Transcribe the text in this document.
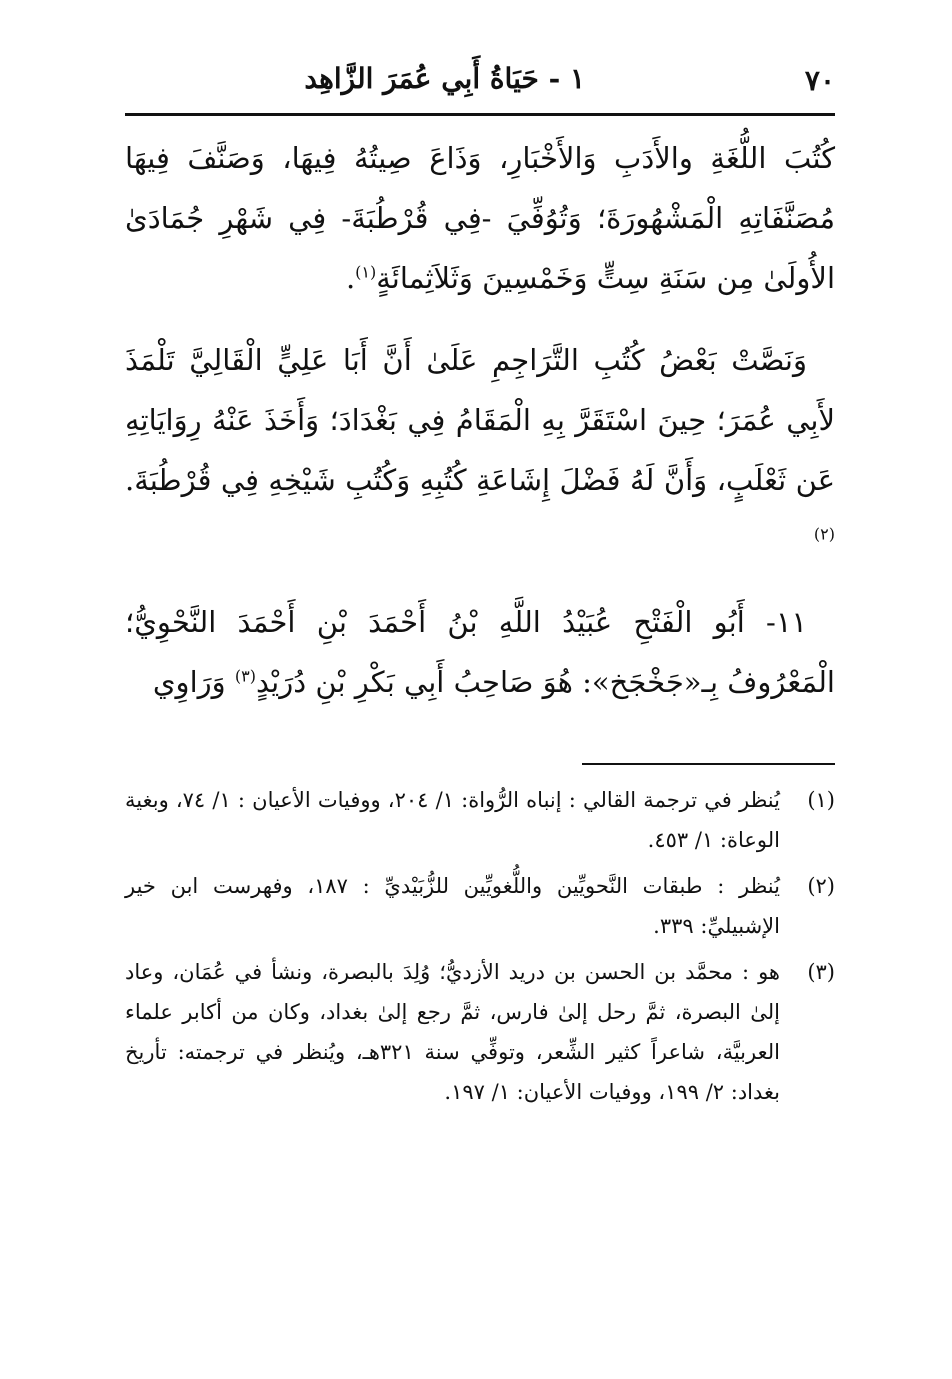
٧٠
١ - حَيَاةُ أَبِي عُمَرَ الزَّاهِد

كُتُبَ اللُّغَةِ والأَدَبِ وَالأَخْبَارِ، وَذَاعَ صِيتُهُ فِيهَا، وَصَنَّفَ فِيهَا مُصَنَّفَاتِهِ الْمَشْهُورَةَ؛ وَتُوُفِّيَ -فِي قُرْطُبَةَ- فِي شَهْرِ جُمَادَىٰ الأُولَىٰ مِن سَنَةِ سِتٍّ وَخَمْسِينَ وَثَلاَثِمائَةٍ$^{(١)}$.

وَنَصَّتْ بَعْضُ كُتُبِ التَّرَاجِمِ عَلَىٰ أَنَّ أَبَا عَلِيٍّ الْقَالِيَّ تَلْمَذَ لأَبِي عُمَرَ؛ حِينَ اسْتَقَرَّ بِهِ الْمَقَامُ فِي بَغْدَادَ؛ وَأَخَذَ عَنْهُ رِوَايَاتِهِ عَن ثَعْلَبٍ، وَأَنَّ لَهُ فَضْلَ إِشَاعَةِ كُتُبِهِ وَكُتُبِ شَيْخِهِ فِي قُرْطُبَةَ.$^{(٢)}$

١١- أَبُو الْفَتْحِ عُبَيْدُ اللَّهِ بْنُ أَحْمَدَ بْنِ أَحْمَدَ النَّحْوِيُّ؛ الْمَعْرُوفُ بِـ«جَخْجَخ»: هُوَ صَاحِبُ أَبِي بَكْرِ بْنِ دُرَيْدٍ$^{(٣)}$ وَرَاوِي

(١)
يُنظر في ترجمة القالي : إنباه الرُّواة: ١/ ٢٠٤، ووفيات الأعيان : ١/ ٧٤، وبغية الوعاة: ١/ ٤٥٣.
(٢)
يُنظر : طبقات النَّحويِّين واللُّغويِّين للزُّبَيْديِّ : ١٨٧، وفهرست ابن خير الإشبيليِّ: ٣٣٩.
(٣)
هو : محمَّد بن الحسن بن دريد الأزديُّ؛ وُلِدَ بالبصرة، ونشأ في عُمَان، وعاد إلىٰ البصرة، ثمَّ رحل إلىٰ فارس، ثمَّ رجع إلىٰ بغداد، وكان من أكابر علماء العربيَّة، شاعراً كثير الشِّعر، وتوفِّي سنة ٣٢١هـ، ويُنظر في ترجمته: تأريخ بغداد: ٢/ ١٩٩، ووفيات الأعيان: ١/ ١٩٧.
